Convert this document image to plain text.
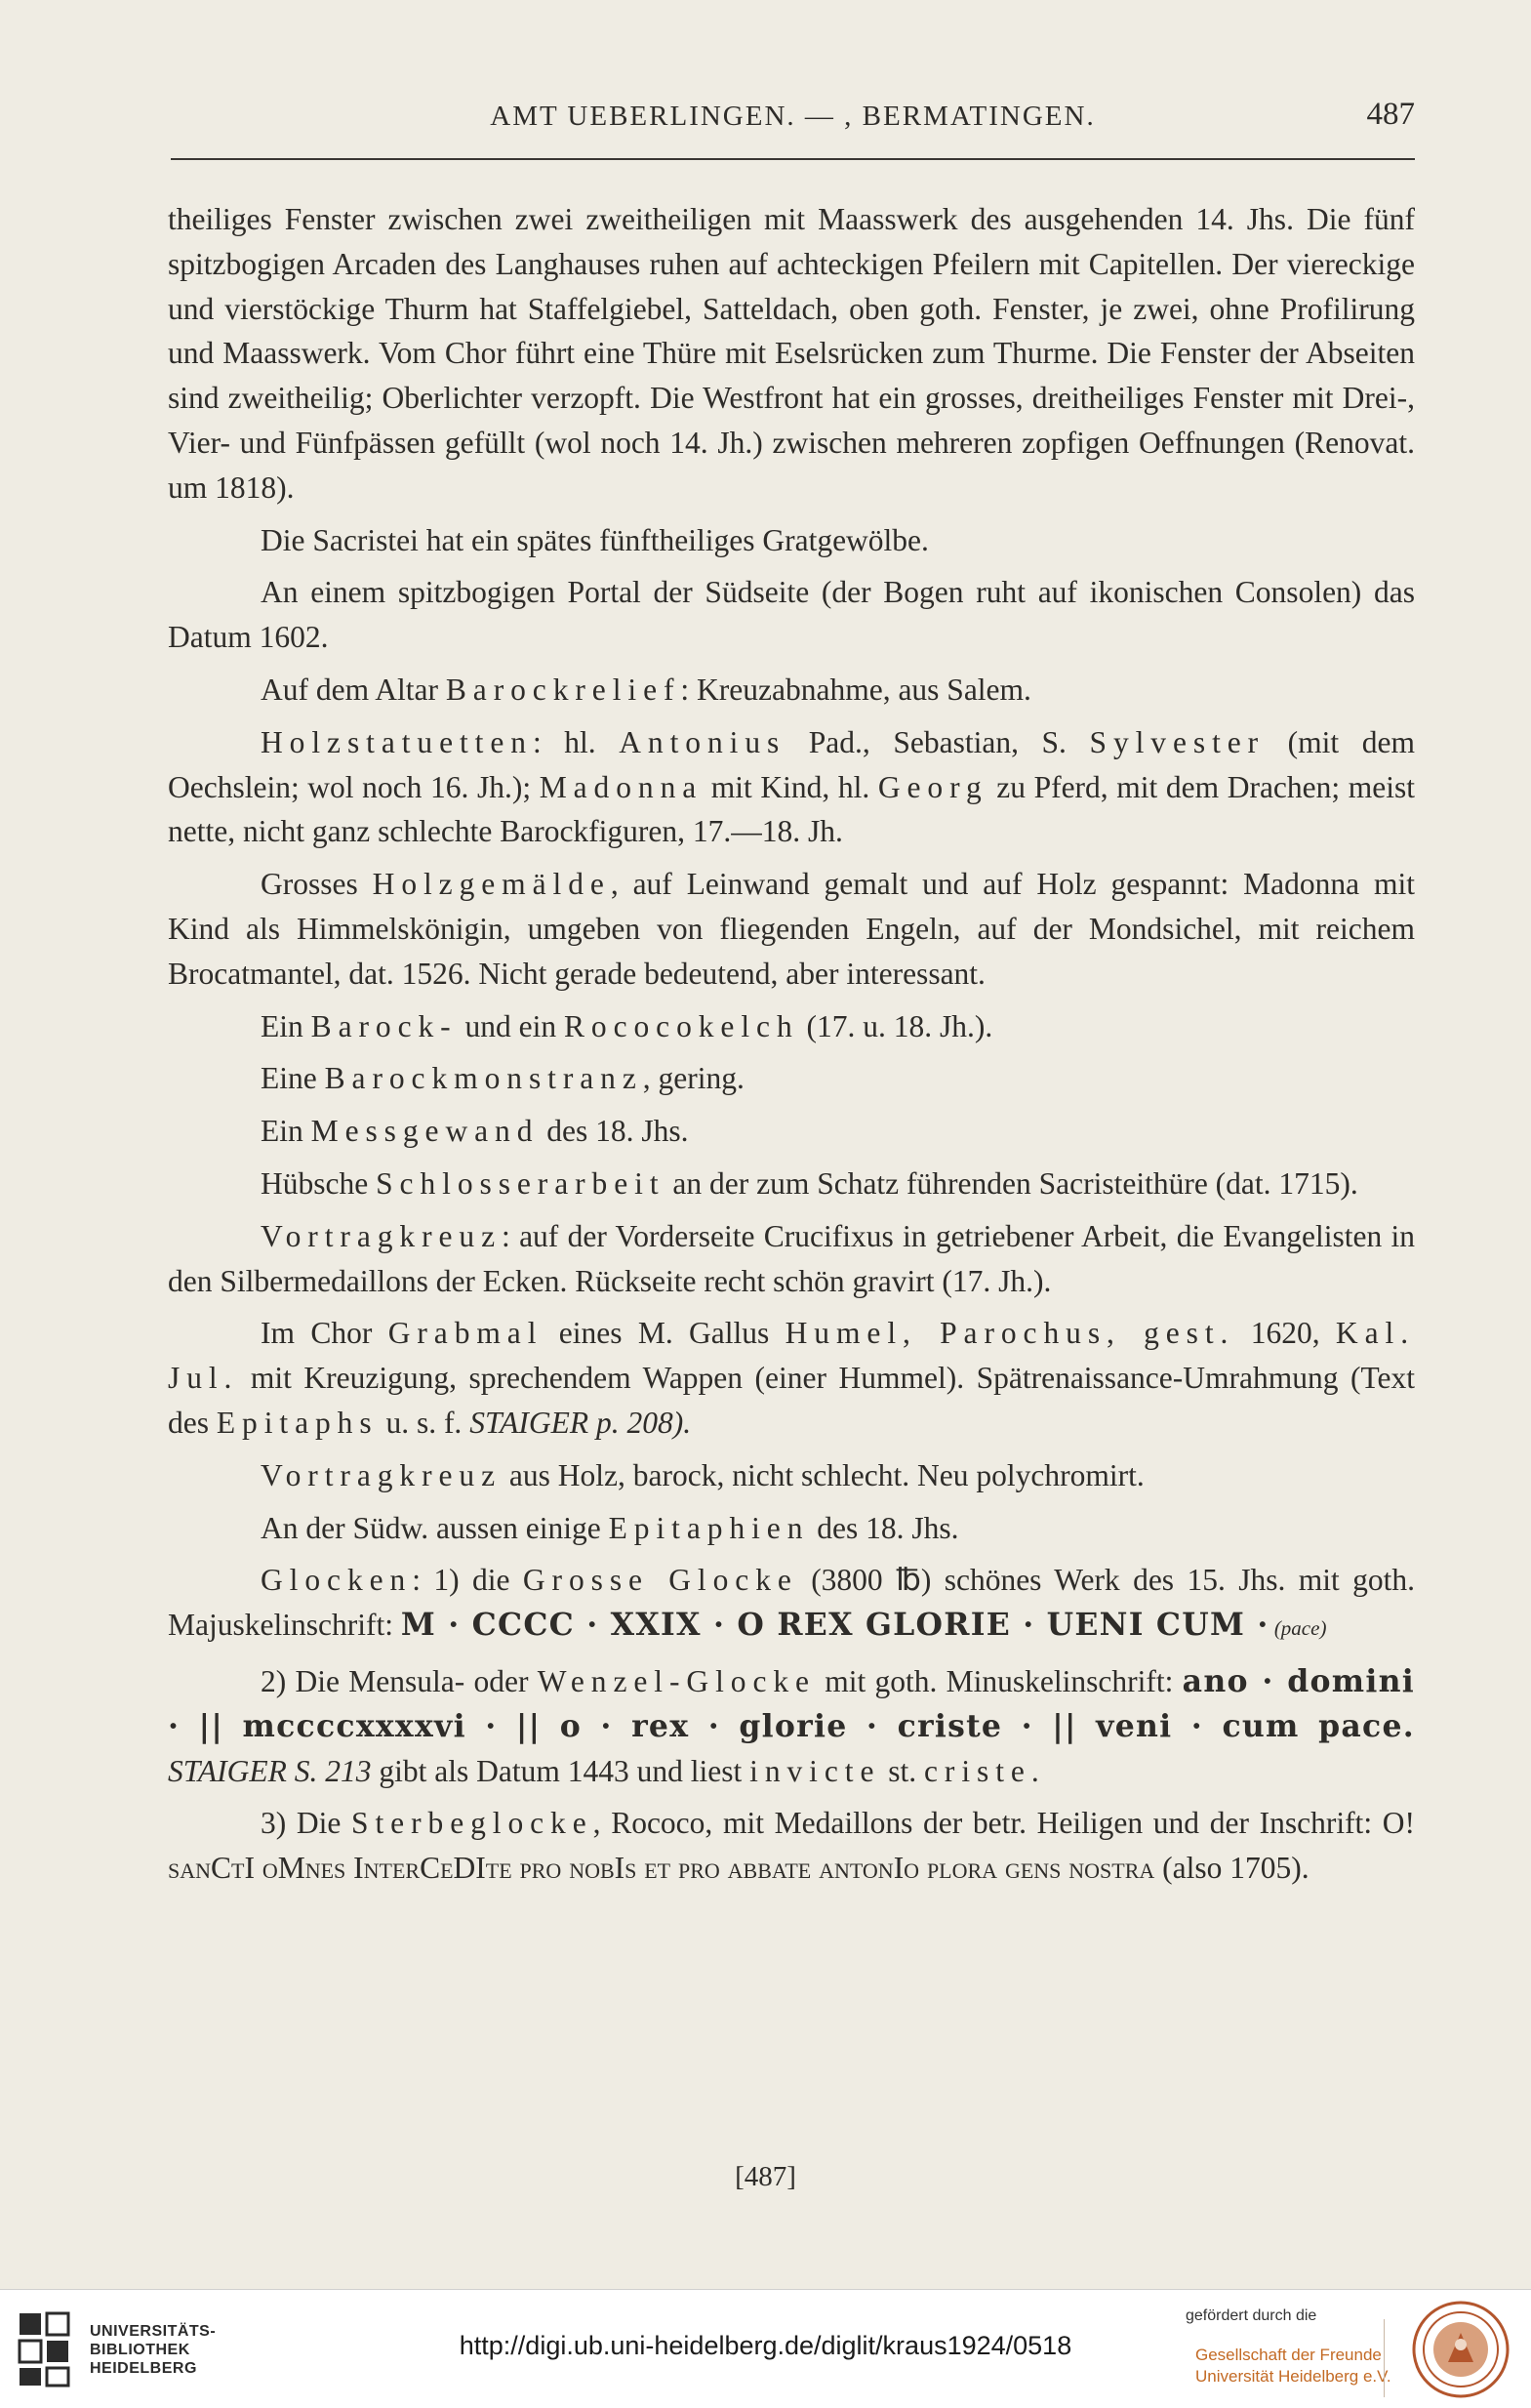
AMT UEBERLINGEN. — , BERMATINGEN.	487

theiliges Fenster zwischen zwei zweitheiligen mit Maasswerk des ausgehenden 14. Jhs. Die fünf spitzbogigen Arcaden des Langhauses ruhen auf achteckigen Pfeilern mit Capitellen. Der viereckige und vierstöckige Thurm hat Staffelgiebel, Satteldach, oben goth. Fenster, je zwei, ohne Profilirung und Maasswerk. Vom Chor führt eine Thüre mit Eselsrücken zum Thurme. Die Fenster der Abseiten sind zweitheilig; Oberlichter verzopft. Die Westfront hat ein grosses, dreitheiliges Fenster mit Drei-, Vier- und Fünfpässen gefüllt (wol noch 14. Jh.) zwischen mehreren zopfigen Oeffnungen (Renovat. um 1818).

Die Sacristei hat ein spätes fünftheiliges Gratgewölbe.

An einem spitzbogigen Portal der Südseite (der Bogen ruht auf ikonischen Consolen) das Datum 1602.

Auf dem Altar Barockrelief: Kreuzabnahme, aus Salem.

Holzstatuetten: hl. Antonius Pad., Sebastian, S. Sylvester (mit dem Oechslein; wol noch 16. Jh.); Madonna mit Kind, hl. Georg zu Pferd, mit dem Drachen; meist nette, nicht ganz schlechte Barockfiguren, 17.—18. Jh.

Grosses Holzgemälde, auf Leinwand gemalt und auf Holz gespannt: Madonna mit Kind als Himmelskönigin, umgeben von fliegenden Engeln, auf der Mondsichel, mit reichem Brocatmantel, dat. 1526. Nicht gerade bedeutend, aber interessant.

Ein Barock- und ein Rococokelch (17. u. 18. Jh.).

Eine Barockmonstranz, gering.

Ein Messgewand des 18. Jhs.

Hübsche Schlosserarbeit an der zum Schatz führenden Sacristeithüre (dat. 1715).

Vortragkreuz: auf der Vorderseite Crucifixus in getriebener Arbeit, die Evangelisten in den Silbermedaillons der Ecken. Rückseite recht schön gravirt (17. Jh.).

Im Chor Grabmal eines M. Gallus Humel, Parochus, gest. 1620, Kal. Jul. mit Kreuzigung, sprechendem Wappen (einer Hummel). Spätrenaissance-Umrahmung (Text des Epitaphs u. s. f. STAIGER p. 208).

Vortragkreuz aus Holz, barock, nicht schlecht. Neu polychromirt.

An der Südw. aussen einige Epitaphien des 18. Jhs.

Glocken: 1) die Grosse Glocke (3800 ℔) schönes Werk des 15. Jhs. mit goth. Majuskelinschrift: M · CCCC · XXIX · O REX GLORIE · UENI CUM · (pace)

2) Die Mensula- oder Wenzel-Glocke mit goth. Minuskelinschrift: ano · domini · || mccccxxxxvi · || o · rex · glorie · criste · || veni · cum pace. STAIGER S. 213 gibt als Datum 1443 und liest invicte st. criste.

3) Die Sterbeglocke, Rococo, mit Medaillons der betr. Heiligen und der Inschrift: O! sanCtI oMnes InterCeDIte pro nobIs et pro abbate antonIo plora gens nostra (also 1705).

[487]
UNIVERSITÄTS-
BIBLIOTHEK
HEIDELBERG
http://digi.ub.uni-heidelberg.de/diglit/kraus1924/0518
gefördert durch die
Gesellschaft der Freunde
Universität Heidelberg e.V.
